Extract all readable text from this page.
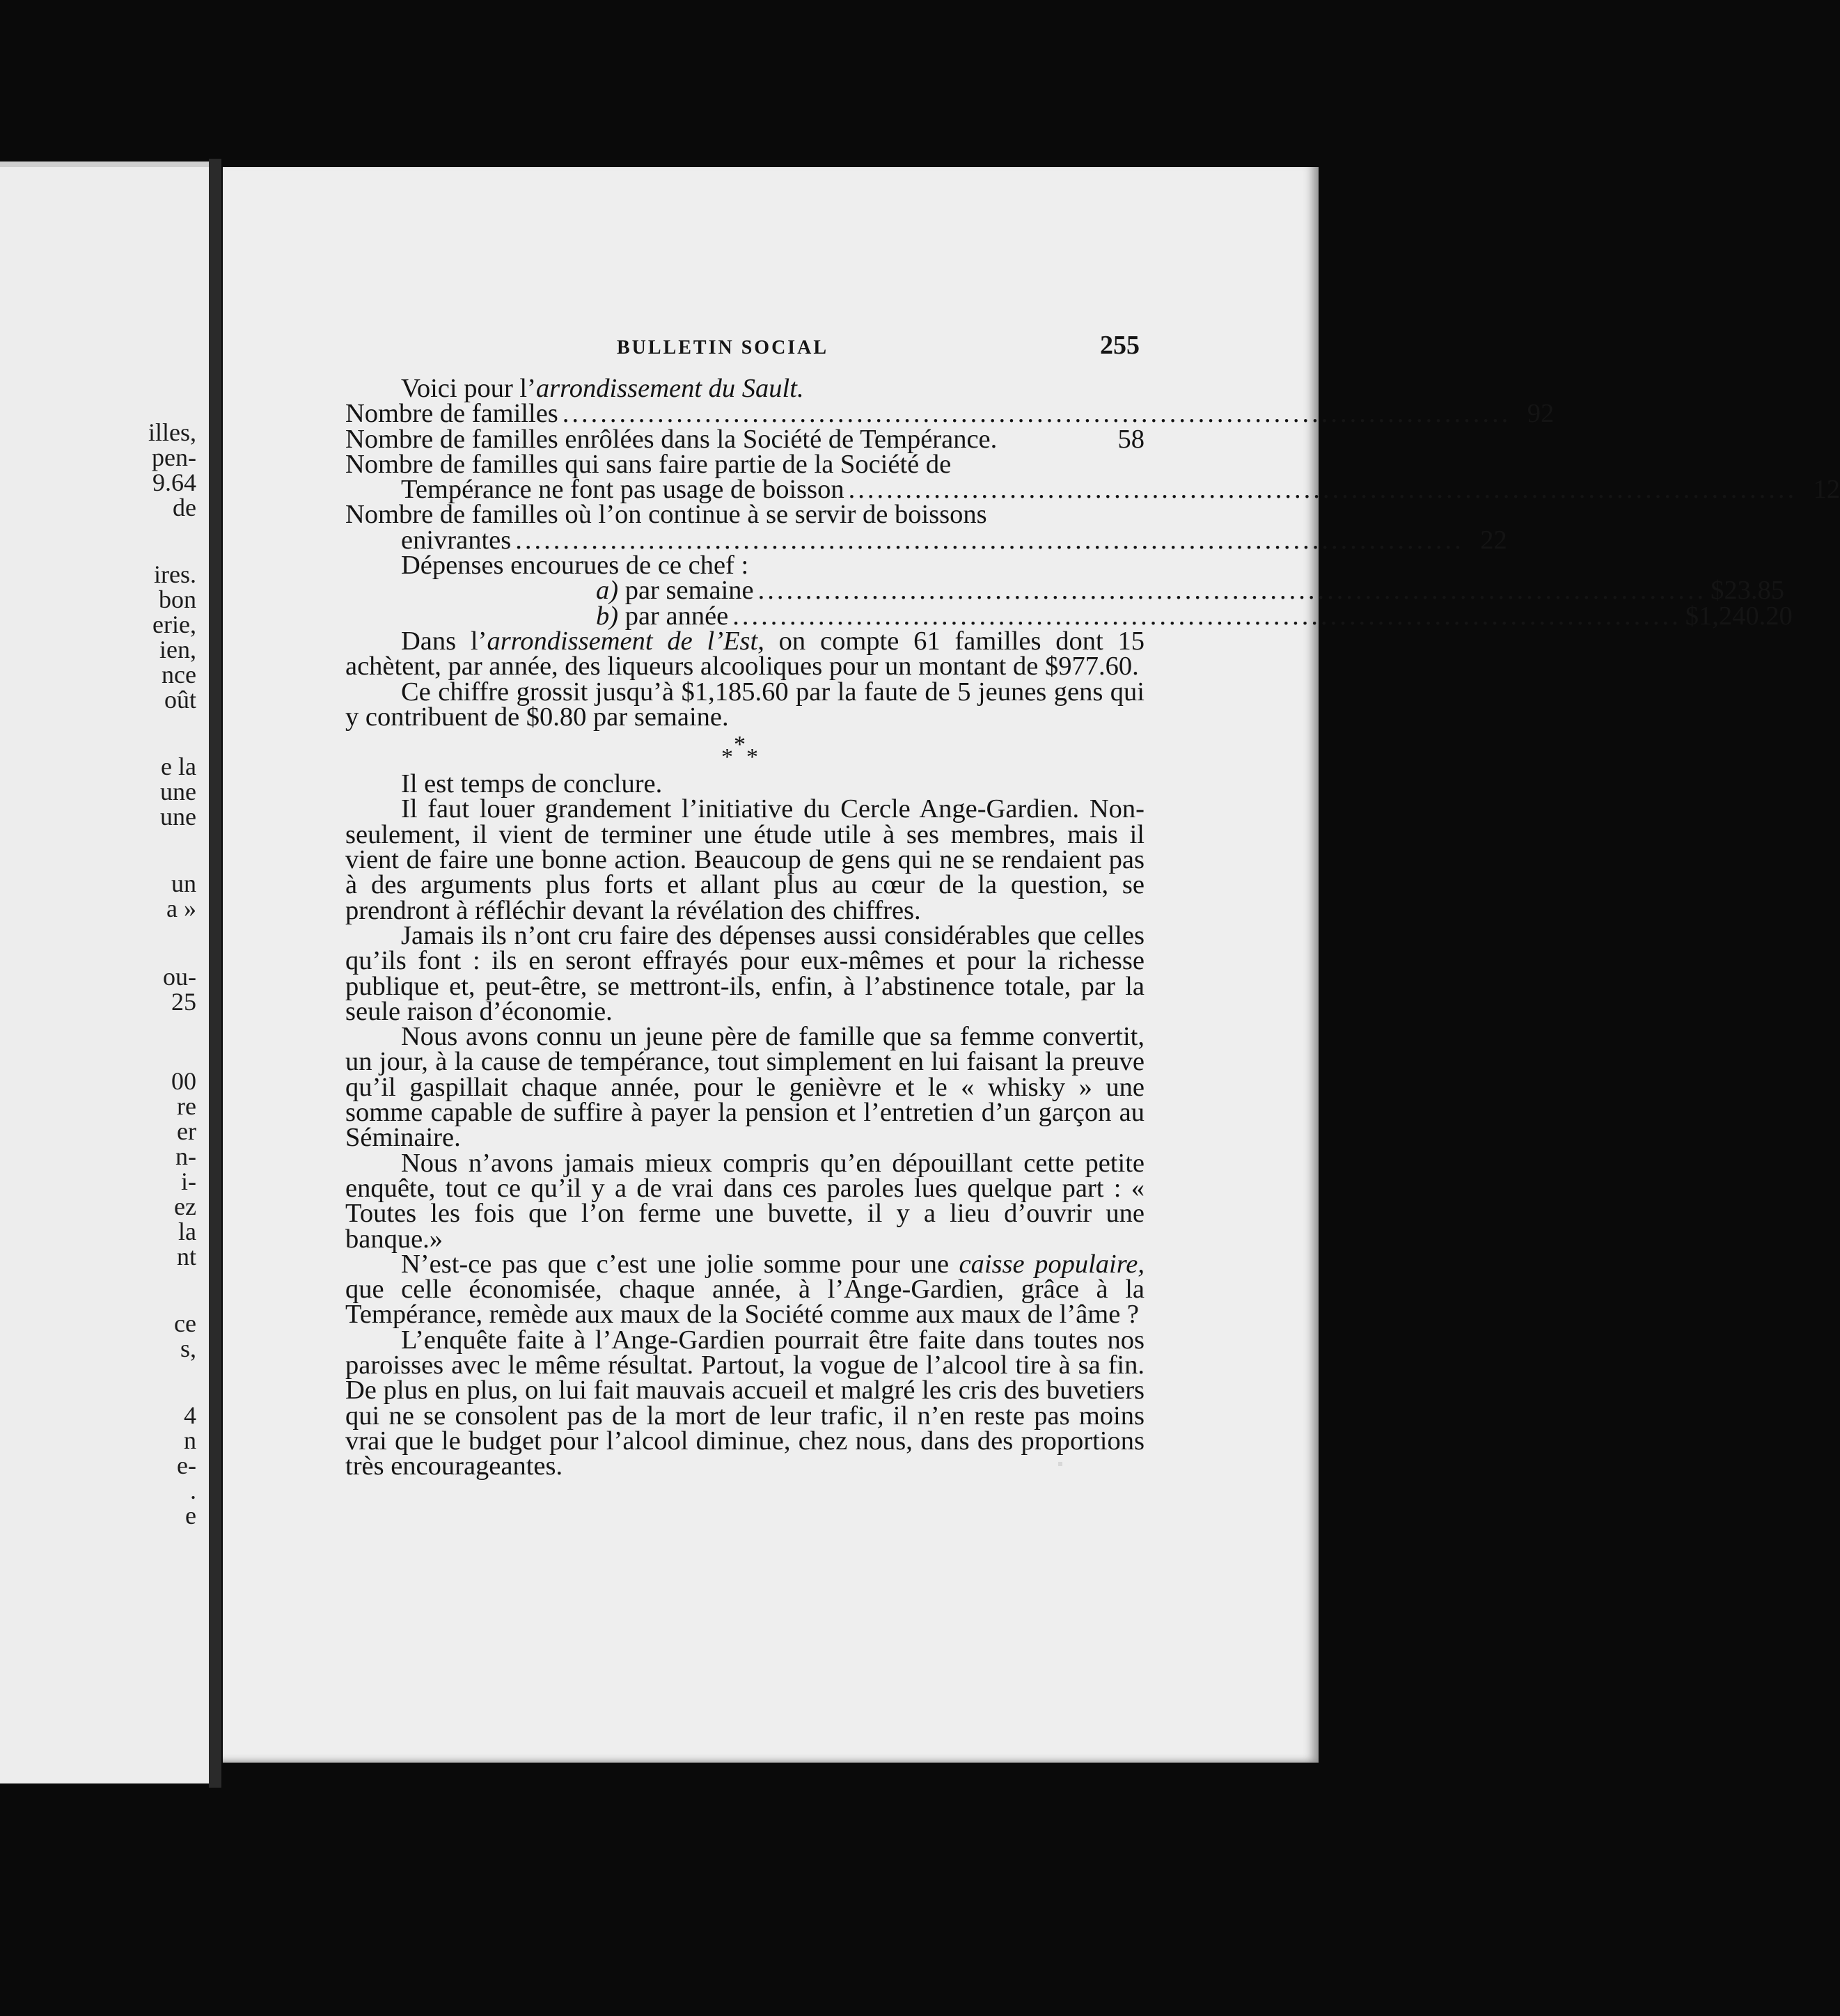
illes,
pen-
9.64
de
ires.
bon
erie,
ien,
nce
oût
e la
une
une
un
a »
ou-
25
00
re
er
n-
i-
ez
la
nt
ce
s,
4
n
e-
.
e
BULLETIN SOCIAL	255

Voici pour l’arrondissement du Sault.

Nombre de familles .................................................................................................... 92
Nombre de familles enrôlées dans la Société de Tempérance.	58
Nombre de familles qui sans faire partie de la Société de
Tempérance ne font pas usage de boisson .................................................................................................... 12
Nombre de familles où l’on continue à se servir de boissons
enivrantes .................................................................................................... 22

Dépenses encourues de ce chef :

a) par semaine .................................................................................................... $23.85
b) par année .................................................................................................... $1,240.20

Dans l’arrondissement de l’Est, on compte 61 familles dont 15 achètent, par année, des liqueurs alcooliques pour un montant de $977.60.

Ce chiffre grossit jusqu’à $1,185.60 par la faute de 5 jeunes gens qui y contribuent de $0.80 par semaine.

*
* *

Il est temps de conclure.

Il faut louer grandement l’initiative du Cercle Ange-Gardien. Non-seulement, il vient de terminer une étude utile à ses membres, mais il vient de faire une bonne action. Beaucoup de gens qui ne se rendaient pas à des arguments plus forts et allant plus au cœur de la question, se prendront à réfléchir devant la révélation des chiffres.

Jamais ils n’ont cru faire des dépenses aussi considérables que celles qu’ils font : ils en seront effrayés pour eux-mêmes et pour la richesse publique et, peut-être, se mettront-ils, enfin, à l’abstinence totale, par la seule raison d’économie.

Nous avons connu un jeune père de famille que sa femme convertit, un jour, à la cause de tempérance, tout simplement en lui faisant la preuve qu’il gaspillait chaque année, pour le genièvre et le « whisky » une somme capable de suffire à payer la pension et l’entretien d’un garçon au Séminaire.

Nous n’avons jamais mieux compris qu’en dépouillant cette petite enquête, tout ce qu’il y a de vrai dans ces paroles lues quelque part : « Toutes les fois que l’on ferme une buvette, il y a lieu d’ouvrir une banque.»

N’est-ce pas que c’est une jolie somme pour une caisse populaire, que celle économisée, chaque année, à l’Ange-Gardien, grâce à la Tempérance, remède aux maux de la Société comme aux maux de l’âme ?

L’enquête faite à l’Ange-Gardien pourrait être faite dans toutes nos paroisses avec le même résultat. Partout, la vogue de l’alcool tire à sa fin. De plus en plus, on lui fait mauvais accueil et malgré les cris des buvetiers qui ne se consolent pas de la mort de leur trafic, il n’en reste pas moins vrai que le budget pour l’alcool diminue, chez nous, dans des proportions très encourageantes.
